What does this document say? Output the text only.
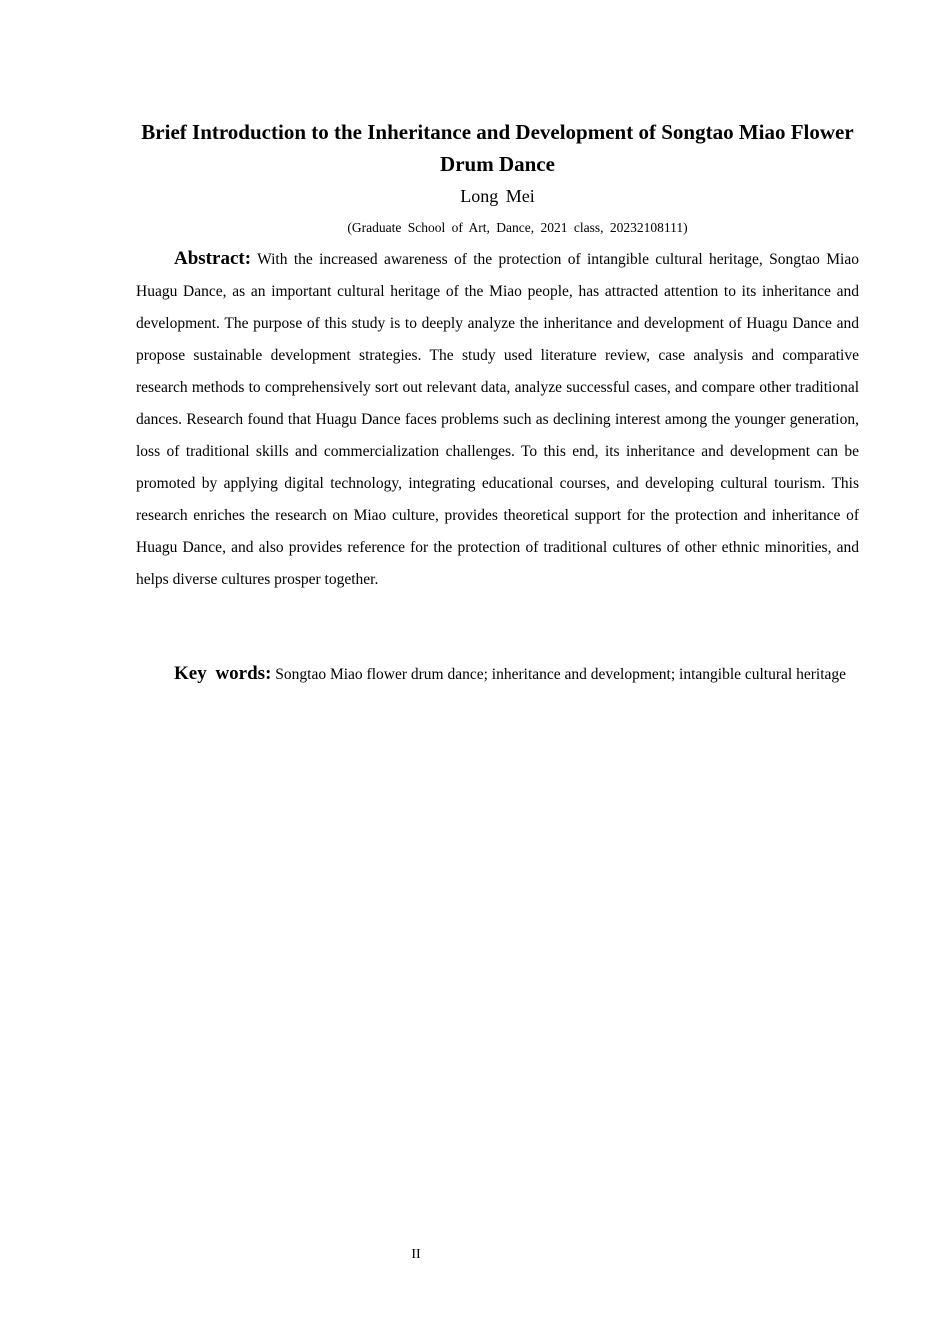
Brief Introduction to the Inheritance and Development of Songtao Miao Flower Drum Dance
Long Mei
(Graduate School of Art, Dance, 2021 class, 20232108111)

Abstract: With the increased awareness of the protection of intangible cultural heritage, Songtao Miao Huagu Dance, as an important cultural heritage of the Miao people, has attracted attention to its inheritance and development. The purpose of this study is to deeply analyze the inheritance and development of Huagu Dance and propose sustainable development strategies. The study used literature review, case analysis and comparative research methods to comprehensively sort out relevant data, analyze successful cases, and compare other traditional dances. Research found that Huagu Dance faces problems such as declining interest among the younger generation, loss of traditional skills and commercialization challenges. To this end, its inheritance and development can be promoted by applying digital technology, integrating educational courses, and developing cultural tourism. This research enriches the research on Miao culture, provides theoretical support for the protection and inheritance of Huagu Dance, and also provides reference for the protection of traditional cultures of other ethnic minorities, and helps diverse cultures prosper together.

Key words: Songtao Miao flower drum dance; inheritance and development; intangible cultural heritage

II
